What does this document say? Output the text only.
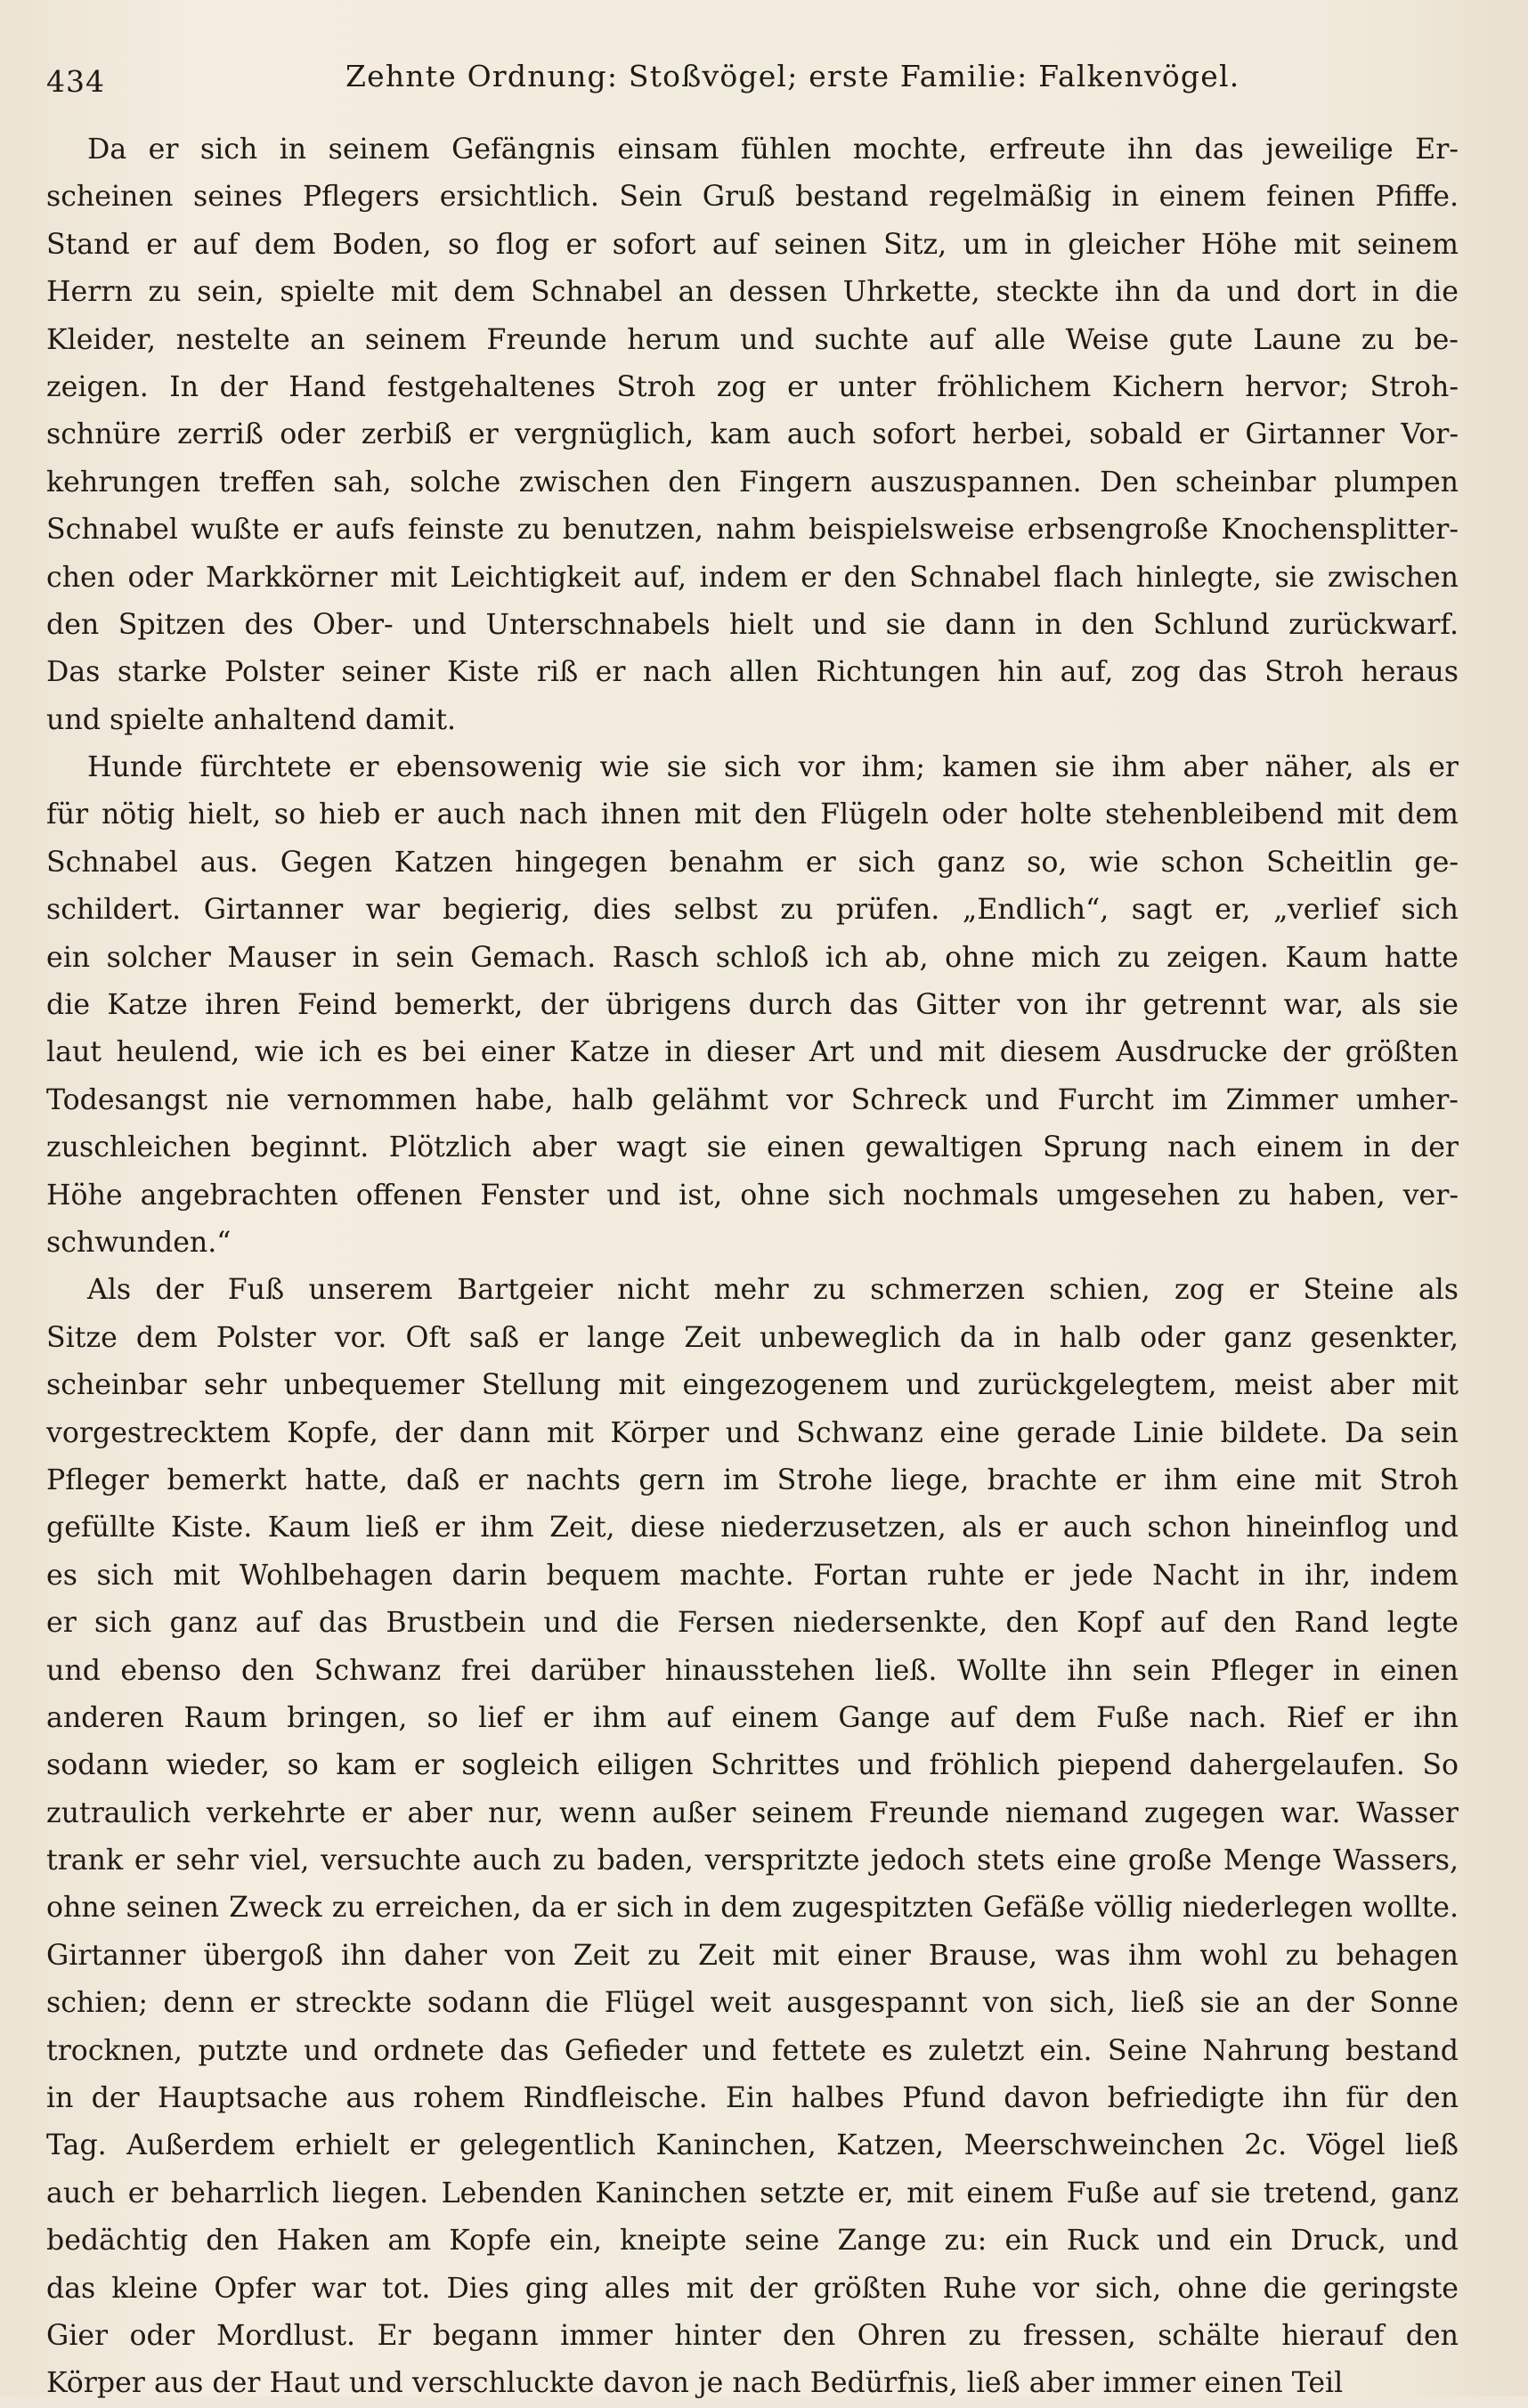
434	Zehnte Ordnung: Stoßvögel; erste Familie: Falkenvögel.
Da er sich in seinem Gefängnis einsam fühlen mochte, erfreute ihn das jeweilige Er-
scheinen seines Pflegers ersichtlich. Sein Gruß bestand regelmäßig in einem feinen Pfiffe.
Stand er auf dem Boden, so flog er sofort auf seinen Sitz, um in gleicher Höhe mit seinem
Herrn zu sein, spielte mit dem Schnabel an dessen Uhrkette, steckte ihn da und dort in die
Kleider, nestelte an seinem Freunde herum und suchte auf alle Weise gute Laune zu be-
zeigen. In der Hand festgehaltenes Stroh zog er unter fröhlichem Kichern hervor; Stroh-
schnüre zerriß oder zerbiß er vergnüglich, kam auch sofort herbei, sobald er Girtanner Vor-
kehrungen treffen sah, solche zwischen den Fingern auszuspannen. Den scheinbar plumpen
Schnabel wußte er aufs feinste zu benutzen, nahm beispielsweise erbsengroße Knochensplitter-
chen oder Markkörner mit Leichtigkeit auf, indem er den Schnabel flach hinlegte, sie zwischen
den Spitzen des Ober- und Unterschnabels hielt und sie dann in den Schlund zurückwarf.
Das starke Polster seiner Kiste riß er nach allen Richtungen hin auf, zog das Stroh heraus
und spielte anhaltend damit.
Hunde fürchtete er ebensowenig wie sie sich vor ihm; kamen sie ihm aber näher, als er
für nötig hielt, so hieb er auch nach ihnen mit den Flügeln oder holte stehenbleibend mit dem
Schnabel aus. Gegen Katzen hingegen benahm er sich ganz so, wie schon Scheitlin ge-
schildert. Girtanner war begierig, dies selbst zu prüfen. „Endlich“, sagt er, „verlief sich
ein solcher Mauser in sein Gemach. Rasch schloß ich ab, ohne mich zu zeigen. Kaum hatte
die Katze ihren Feind bemerkt, der übrigens durch das Gitter von ihr getrennt war, als sie
laut heulend, wie ich es bei einer Katze in dieser Art und mit diesem Ausdrucke der größten
Todesangst nie vernommen habe, halb gelähmt vor Schreck und Furcht im Zimmer umher-
zuschleichen beginnt. Plötzlich aber wagt sie einen gewaltigen Sprung nach einem in der
Höhe angebrachten offenen Fenster und ist, ohne sich nochmals umgesehen zu haben, ver-
schwunden.“
Als der Fuß unserem Bartgeier nicht mehr zu schmerzen schien, zog er Steine als
Sitze dem Polster vor. Oft saß er lange Zeit unbeweglich da in halb oder ganz gesenkter,
scheinbar sehr unbequemer Stellung mit eingezogenem und zurückgelegtem, meist aber mit
vorgestrecktem Kopfe, der dann mit Körper und Schwanz eine gerade Linie bildete. Da sein
Pfleger bemerkt hatte, daß er nachts gern im Strohe liege, brachte er ihm eine mit Stroh
gefüllte Kiste. Kaum ließ er ihm Zeit, diese niederzusetzen, als er auch schon hineinflog und
es sich mit Wohlbehagen darin bequem machte. Fortan ruhte er jede Nacht in ihr, indem
er sich ganz auf das Brustbein und die Fersen niedersenkte, den Kopf auf den Rand legte
und ebenso den Schwanz frei darüber hinausstehen ließ. Wollte ihn sein Pfleger in einen
anderen Raum bringen, so lief er ihm auf einem Gange auf dem Fuße nach. Rief er ihn
sodann wieder, so kam er sogleich eiligen Schrittes und fröhlich piepend dahergelaufen. So
zutraulich verkehrte er aber nur, wenn außer seinem Freunde niemand zugegen war. Wasser
trank er sehr viel, versuchte auch zu baden, verspritzte jedoch stets eine große Menge Wassers,
ohne seinen Zweck zu erreichen, da er sich in dem zugespitzten Gefäße völlig niederlegen wollte.
Girtanner übergoß ihn daher von Zeit zu Zeit mit einer Brause, was ihm wohl zu behagen
schien; denn er streckte sodann die Flügel weit ausgespannt von sich, ließ sie an der Sonne
trocknen, putzte und ordnete das Gefieder und fettete es zuletzt ein. Seine Nahrung bestand
in der Hauptsache aus rohem Rindfleische. Ein halbes Pfund davon befriedigte ihn für den
Tag. Außerdem erhielt er gelegentlich Kaninchen, Katzen, Meerschweinchen 2c. Vögel ließ
auch er beharrlich liegen. Lebenden Kaninchen setzte er, mit einem Fuße auf sie tretend, ganz
bedächtig den Haken am Kopfe ein, kneipte seine Zange zu: ein Ruck und ein Druck, und
das kleine Opfer war tot. Dies ging alles mit der größten Ruhe vor sich, ohne die geringste
Gier oder Mordlust. Er begann immer hinter den Ohren zu fressen, schälte hierauf den
Körper aus der Haut und verschluckte davon je nach Bedürfnis, ließ aber immer einen Teil
